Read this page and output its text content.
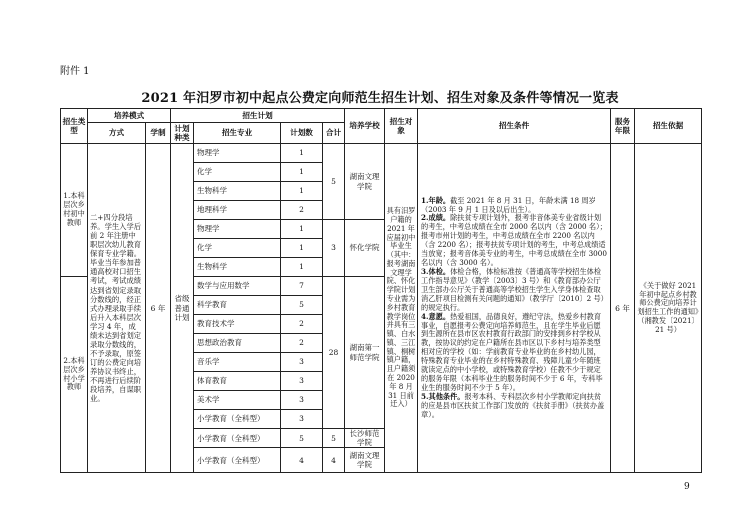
附件 1
2021 年汨罗市初中起点公费定向师范生招生计划、招生对象及条件等情况一览表
招生类型	培养模式		招生计划				培养学校	招生对象	招生条件	服务年限	招生依据
	方式	学制	计划种类	招生专业	计划数	合计					
1.本科层次乡村初中教师	二+四分段培养。学生入学后前 2 年注册中职层次幼儿教育保育专业学籍。毕业当年参加普通高校对口招生考试，考试成绩达到省划定录取分数线的，经正式办理录取手续后升入本科层次学习 4 年，成绩未达到省划定录取分数线的，不予录取，原签订的公费定向培养协议书终止，不再进行后续阶段培养，自谋职业。	6 年	省级普通计划	物理学	1	5	湖南文理学院	具有汨罗户籍的 2021 年应届初中毕业生（其中：报考湖南文理学院、怀化学院计划专业需为乡村教育教学岗位并具有三镇、白水镇、三江镇、桐树镇户籍，且户籍须在 2020 年 8 月 31 日前迁入）	1.年龄。截至 2021 年 8 月 31 日，年龄未满 18 周岁（2003 年 9 月 1 日及以后出生）。

2.成绩。除扶贫专项计划外，报考非音体美专业省级计划的考生，中考总成绩在全市 2000 名以内（含 2000 名）；报考市州计划的考生，中考总成绩在全市 2200 名以内（含 2200 名）；报考扶贫专项计划的考生，中考总成绩适当放宽；报考音体美专业的考生，中考总成绩在全市 3000 名以内（含 3000 名）。

3.体检。体检合格，体检标准按《普通高等学校招生体检工作指导意见》（教学〔2003〕3 号）和《教育部办公厅 卫生部办公厅关于普通高等学校招生学生入学身体检查取消乙肝项目检测有关问题的通知》（教学厅〔2010〕2 号）的规定执行。

4.意愿。热爱祖国，品德良好，遵纪守法，热爱乡村教育事业，自愿报考公费定向培养师范生，且在学生毕业后愿到生源所在县市区农村教育行政部门的安排到乡村学校从教，按协议的约定在户籍所在县市区以下乡村与培养类型相对应的学校（如：学前教育专业毕业的在乡村幼儿园，特殊教育专业毕业的在乡村特殊教育、残障儿童少年随班就读定点的中小学校，或特殊教育学校）任教不少于规定的服务年限（本科毕业生的服务时间不少于 6 年，专科毕业生的服务时间不少于 5 年）。

5.其他条件。报考本科、专科层次乡村小学教师定向扶贫的应是县市区扶贫工作部门发放的《扶贫手册》（扶贫办盖章）。	6 年	《关于做好 2021 年初中起点乡村教师公费定向培养计划招生工作的通知》（湘教发〔2021〕21 号）
				化学	1						
				生物科学	1						
				地理科学	2						
				物理学	1	3	怀化学院				
				化学	1						
				生物科学	1						
2.本科层次乡村小学教师				数学与应用数学	7	28	湖南第一师范学院				
				科学教育	5						
				教育技术学	2						
				思想政治教育	2						
				音乐学	3						
				体育教育	3						
				美术学	3						
				小学教育（全科型）	3						
				小学教育（全科型）	5	5	长沙师范学院				
				小学教育（全科型）	4	4	湖南文理学院				
9
